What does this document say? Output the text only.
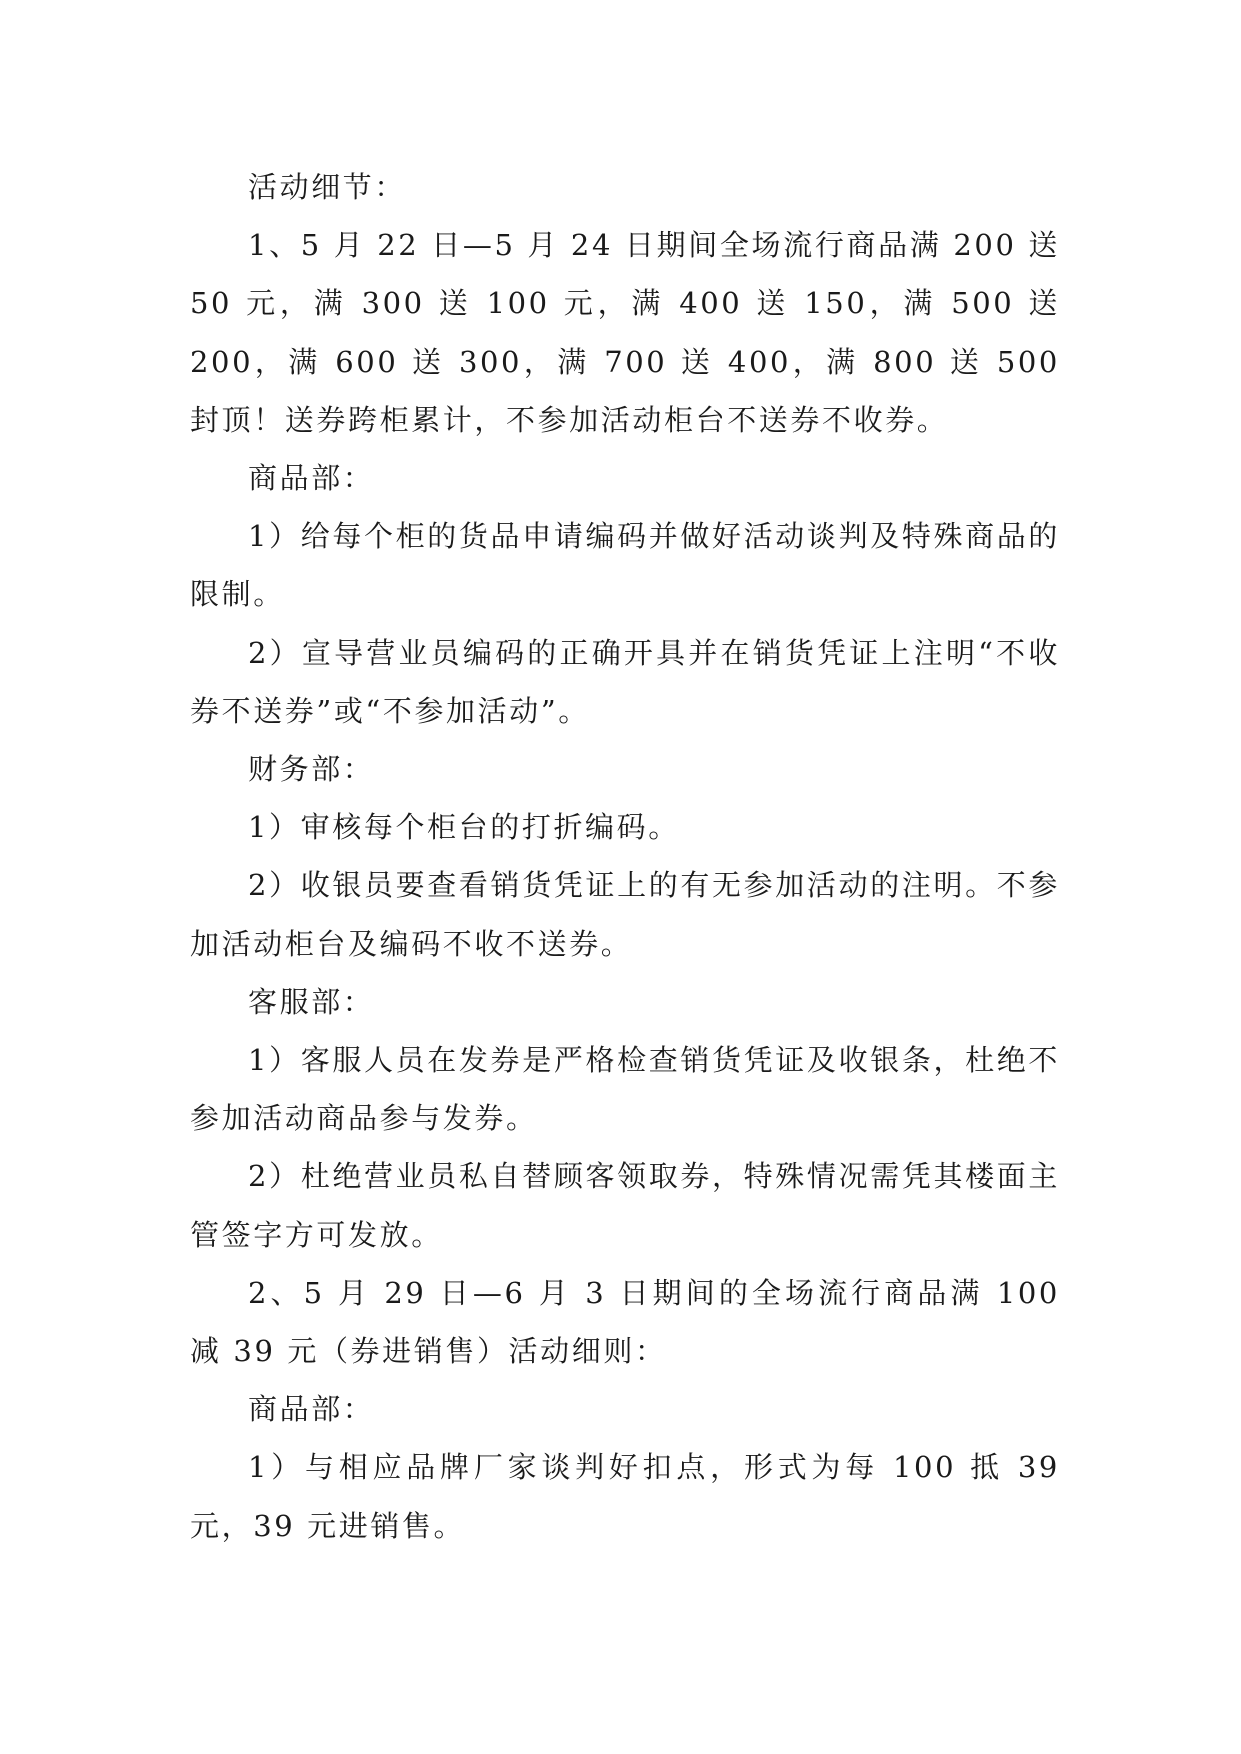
活动细节：

1、5 月 22 日—5 月 24 日期间全场流行商品满 200 送 50 元，满 300 送 100 元，满 400 送 150，满 500 送 200，满 600 送 300，满 700 送 400，满 800 送 500 封顶！送券跨柜累计，不参加活动柜台不送券不收券。

商品部：

1）给每个柜的货品申请编码并做好活动谈判及特殊商品的限制。

2）宣导营业员编码的正确开具并在销货凭证上注明“不收券不送券”或“不参加活动”。

财务部：

1）审核每个柜台的打折编码。

2）收银员要查看销货凭证上的有无参加活动的注明。不参加活动柜台及编码不收不送券。

客服部：

1）客服人员在发券是严格检查销货凭证及收银条，杜绝不参加活动商品参与发券。

2）杜绝营业员私自替顾客领取券，特殊情况需凭其楼面主管签字方可发放。

2、5 月 29 日—6 月 3 日期间的全场流行商品满 100 减 39 元（券进销售）活动细则：

商品部：

1）与相应品牌厂家谈判好扣点，形式为每 100 抵 39 元，39 元进销售。
